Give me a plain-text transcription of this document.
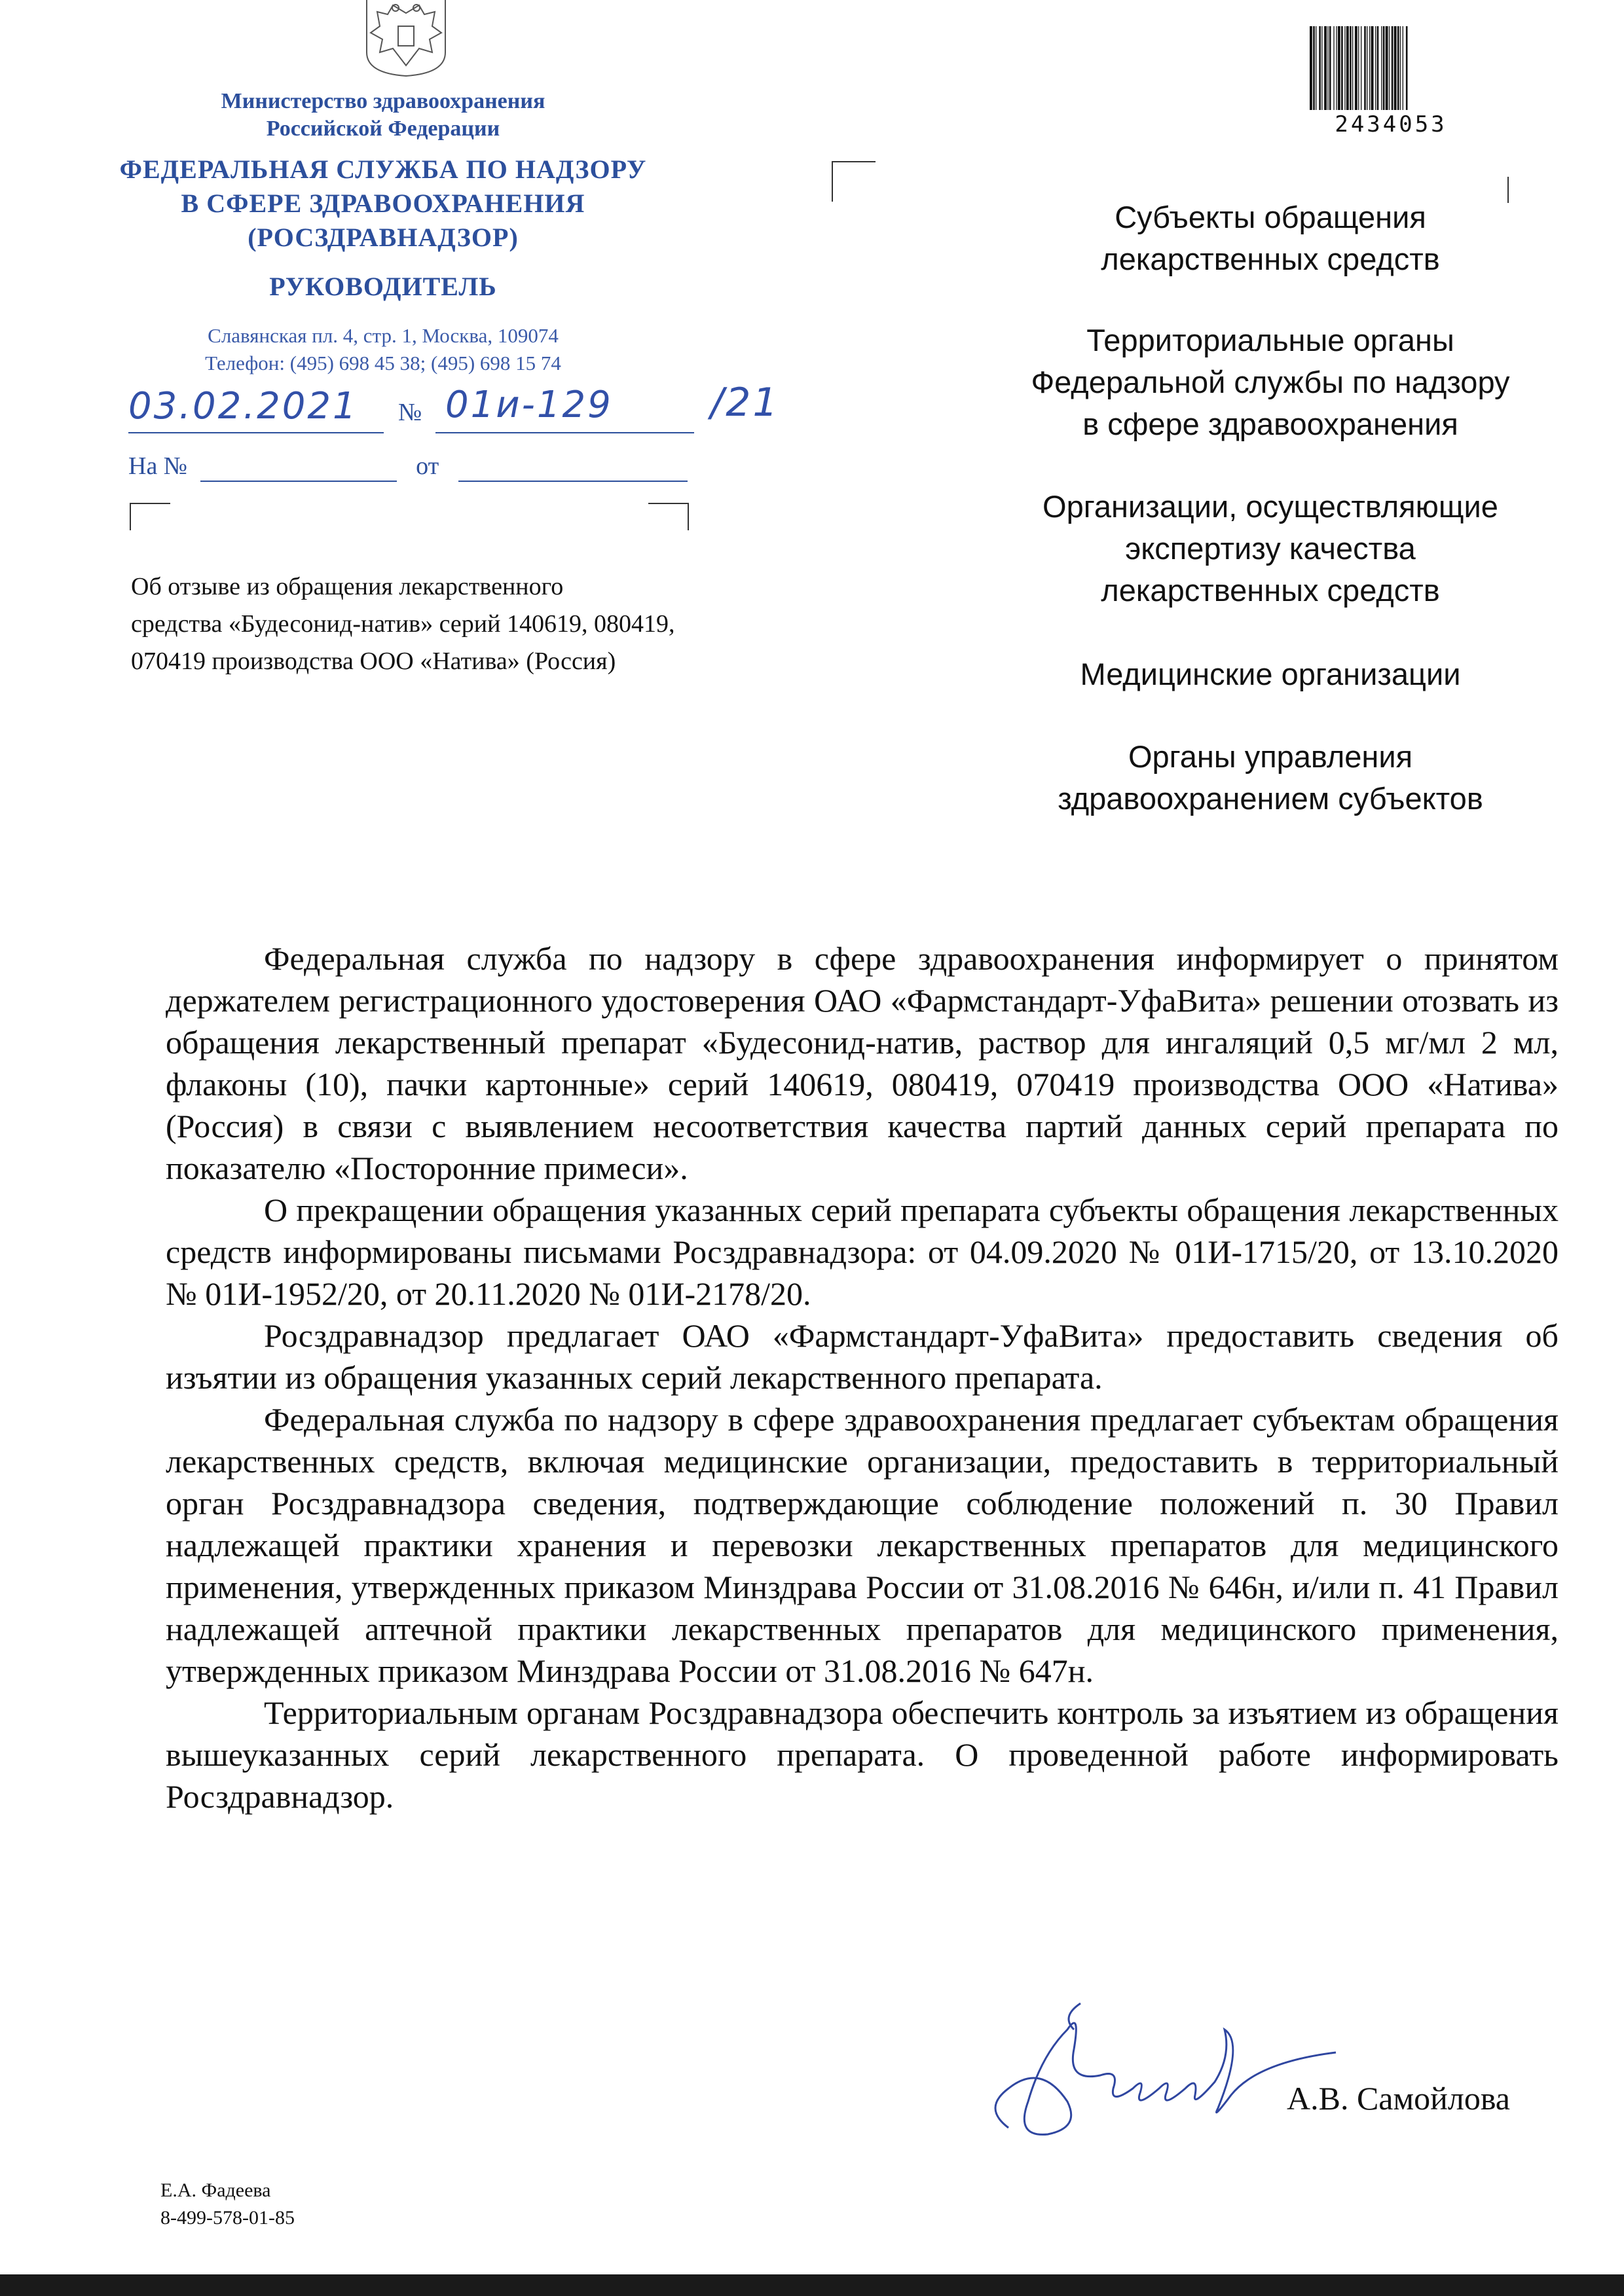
Министерство здравоохранения
Российской Федерации
ФЕДЕРАЛЬНАЯ СЛУЖБА ПО НАДЗОРУ
В СФЕРЕ ЗДРАВООХРАНЕНИЯ
(РОСЗДРАВНАДЗОР)
РУКОВОДИТЕЛЬ
Славянская пл. 4, стр. 1, Москва, 109074
Телефон: (495) 698 45 38; (495) 698 15 74
03.02.2021 № 01и-129 /21
На №	от
Об отзыве из обращения лекарственного
средства «Будесонид-натив» серий 140619, 080419,
070419 производства ООО «Натива» (Россия)
2434053
Субъекты обращения
лекарственных средств
Территориальные органы
Федеральной службы по надзору
в сфере здравоохранения
Организации, осуществляющие
экспертизу качества
лекарственных средств
Медицинские организации
Органы управления
здравоохранением субъектов

Федеральная служба по надзору в сфере здравоохранения информирует о принятом держателем регистрационного удостоверения ОАО «Фармстандарт-УфаВита» решении отозвать из обращения лекарственный препарат «Будесонид-натив, раствор для ингаляций 0,5 мг/мл 2 мл, флаконы (10), пачки картонные» серий 140619, 080419, 070419 производства ООО «Натива» (Россия) в связи с выявлением несоответствия качества партий данных серий препарата по показателю «Посторонние примеси».

О прекращении обращения указанных серий препарата субъекты обращения лекарственных средств информированы письмами Росздравнадзора: от 04.09.2020 № 01И-1715/20, от 13.10.2020 № 01И-1952/20, от 20.11.2020 № 01И-2178/20.

Росздравнадзор предлагает ОАО «Фармстандарт-УфаВита» предоставить сведения об изъятии из обращения указанных серий лекарственного препарата.

Федеральная служба по надзору в сфере здравоохранения предлагает субъектам обращения лекарственных средств, включая медицинские организации, предоставить в территориальный орган Росздравнадзора сведения, подтверждающие соблюдение положений п. 30 Правил надлежащей практики хранения и перевозки лекарственных препаратов для медицинского применения, утвержденных приказом Минздрава России от 31.08.2016 № 646н, и/или п. 41 Правил надлежащей аптечной практики лекарственных препаратов для медицинского применения, утвержденных приказом Минздрава России от 31.08.2016 № 647н.

Территориальным органам Росздравнадзора обеспечить контроль за изъятием из обращения вышеуказанных серий лекарственного препарата. О проведенной работе информировать Росздравнадзор.

А.В. Самойлова
Е.А. Фадеева
8-499-578-01-85
